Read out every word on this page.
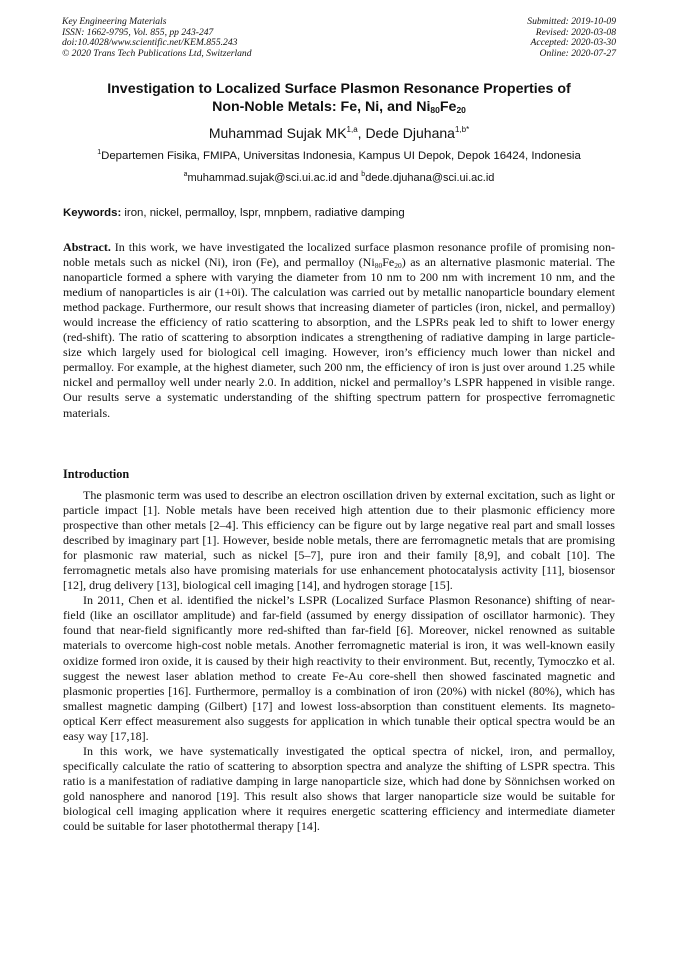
Key Engineering Materials
ISSN: 1662-9795, Vol. 855, pp 243-247
doi:10.4028/www.scientific.net/KEM.855.243
© 2020 Trans Tech Publications Ltd, Switzerland
Submitted: 2019-10-09
Revised: 2020-03-08
Accepted: 2020-03-30
Online: 2020-07-27
Investigation to Localized Surface Plasmon Resonance Properties of
Non-Noble Metals: Fe, Ni, and $Ni_{80}Fe_{20}$
Muhammad Sujak MK$^{1,a}$, Dede Djuhana$^{1,b*}$
$^1$Departemen Fisika, FMIPA, Universitas Indonesia, Kampus UI Depok, Depok 16424, Indonesia
$^a$muhammad.sujak@sci.ui.ac.id and $^b$dede.djuhana@sci.ui.ac.id
Keywords: iron, nickel, permalloy, lspr, mnpbem, radiative damping
Abstract. In this work, we have investigated the localized surface plasmon resonance profile of promising non-noble metals such as nickel (Ni), iron (Fe), and permalloy $(Ni_{80}Fe_{20})$ as an alternative plasmonic material. The nanoparticle formed a sphere with varying the diameter from 10 nm to 200 nm with increment 10 nm, and the medium of nanoparticles is air (1+0i). The calculation was carried out by metallic nanoparticle boundary element method package. Furthermore, our result shows that increasing diameter of particles (iron, nickel, and permalloy) would increase the efficiency of ratio scattering to absorption, and the LSPRs peak led to shift to lower energy (red-shift). The ratio of scattering to absorption indicates a strengthening of radiative damping in large particle-size which largely used for biological cell imaging. However, iron’s efficiency much lower than nickel and permalloy. For example, at the highest diameter, such 200 nm, the efficiency of iron is just over around 1.25 while nickel and permalloy well under nearly 2.0. In addition, nickel and permalloy’s LSPR happened in visible range. Our results serve a systematic understanding of the shifting spectrum pattern for prospective ferromagnetic materials.
Introduction

The plasmonic term was used to describe an electron oscillation driven by external excitation, such as light or particle impact [1]. Noble metals have been received high attention due to their plasmonic efficiency more prospective than other metals [2–4]. This efficiency can be figure out by large negative real part and small losses described by imaginary part [1]. However, beside noble metals, there are ferromagnetic metals that are promising for plasmonic raw material, such as nickel [5–7], pure iron and their family [8,9], and cobalt [10]. The ferromagnetic metals also have promising materials for use enhancement photocatalysis activity [11], biosensor [12], drug delivery [13], biological cell imaging [14], and hydrogen storage [15].

In 2011, Chen et al. identified the nickel’s LSPR (Localized Surface Plasmon Resonance) shifting of near-field (like an oscillator amplitude) and far-field (assumed by energy dissipation of oscillator harmonic). They found that near-field significantly more red-shifted than far-field [6]. Moreover, nickel renowned as suitable materials to overcome high-cost noble metals. Another ferromagnetic material is iron, it was well-known easily oxidize formed iron oxide, it is caused by their high reactivity to their environment. But, recently, Tymoczko et al. suggest the newest laser ablation method to create Fe-Au core-shell then showed fascinated magnetic and plasmonic properties [16]. Furthermore, permalloy is a combination of iron (20%) with nickel (80%), which has smallest magnetic damping (Gilbert) [17] and lowest loss-absorption than constituent elements. Its magneto-optical Kerr effect measurement also suggests for application in which tunable their optical spectra would be an easy way [17,18].

In this work, we have systematically investigated the optical spectra of nickel, iron, and permalloy, specifically calculate the ratio of scattering to absorption spectra and analyze the shifting of LSPR spectra. This ratio is a manifestation of radiative damping in large nanoparticle size, which had done by Sönnichsen worked on gold nanosphere and nanorod [19]. This result also shows that larger nanoparticle size would be suitable for biological cell imaging application where it requires energetic scattering efficiency and intermediate diameter could be suitable for laser photothermal therapy [14].
